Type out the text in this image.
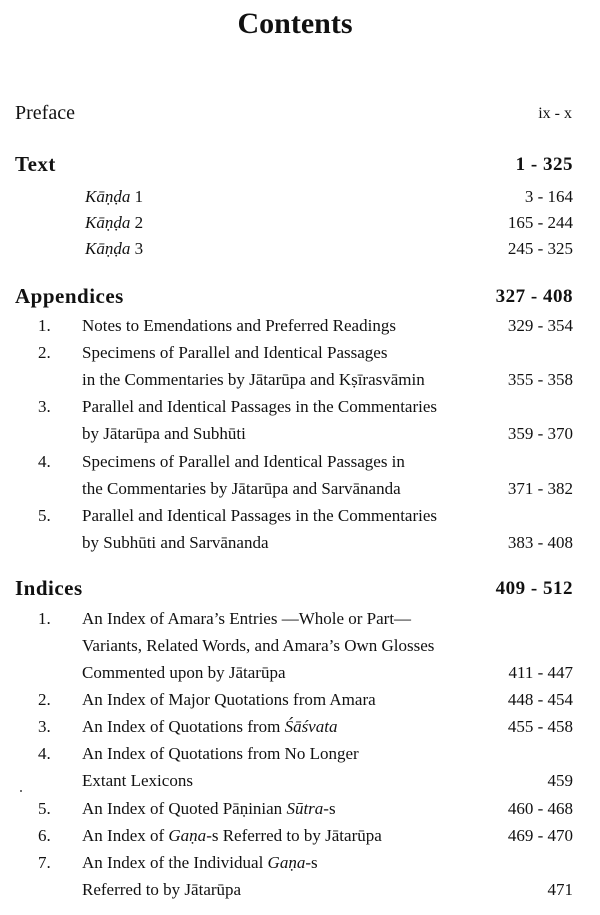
Contents
Preface	ix - x
Text	1 - 325
Kāṇḍa 1	3 - 164
Kāṇḍa 2	165 - 244
Kāṇḍa 3	245 - 325
Appendices	327 - 408
1. Notes to Emendations and Preferred Readings	329 - 354
2. Specimens of Parallel and Identical Passages
in the Commentaries by Jātarūpa and Kṣīrasvāmin	355 - 358
3. Parallel and Identical Passages in the Commentaries
by Jātarūpa and Subhūti	359 - 370
4. Specimens of Parallel and Identical Passages in
the Commentaries by Jātarūpa and Sarvānanda	371 - 382
5. Parallel and Identical Passages in the Commentaries
by Subhūti and Sarvānanda	383 - 408
Indices	409 - 512
1. An Index of Amara’s Entries —Whole or Part—
Variants, Related Words, and Amara’s Own Glosses
Commented upon by Jātarūpa	411 - 447
2. An Index of Major Quotations from Amara	448 - 454
3. An Index of Quotations from Śāśvata	455 - 458
4. An Index of Quotations from No Longer
Extant Lexicons	459
5. An Index of Quoted Pāṇinian Sūtra-s	460 - 468
6. An Index of Gaṇa-s Referred to by Jātarūpa	469 - 470
7. An Index of the Individual Gaṇa-s
Referred to by Jātarūpa	471
